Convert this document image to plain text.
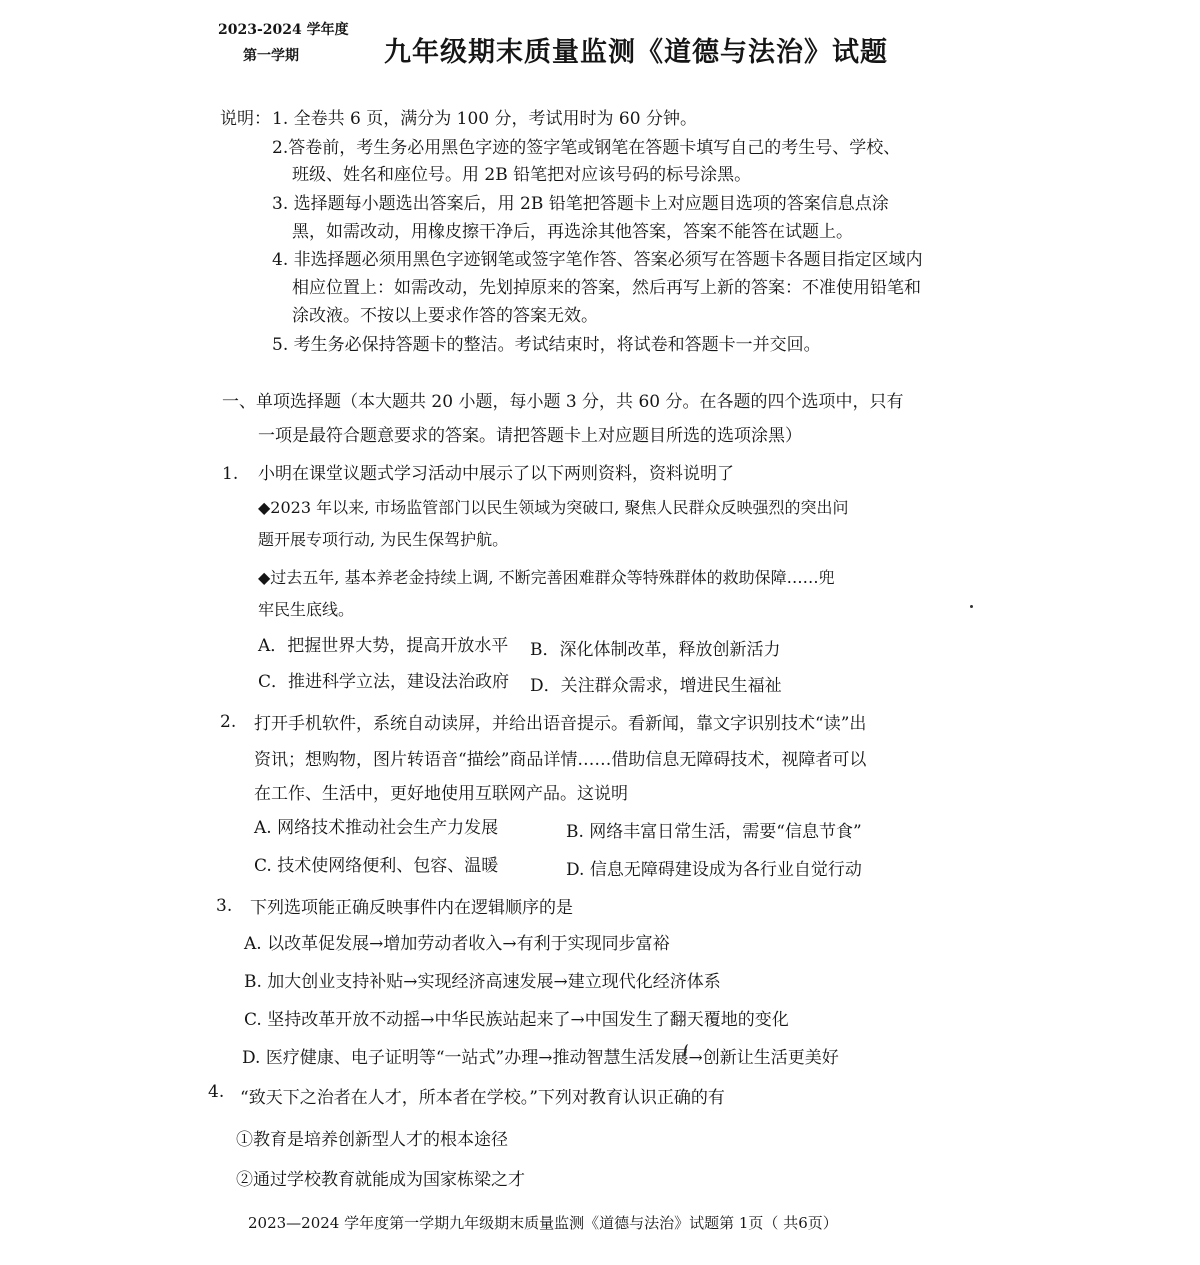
2023-2024 学年度
第一学期	九年级期末质量监测《道德与法治》试题
说明： 1. 全卷共 6 页，满分为 100 分，考试用时为 60 分钟。
2.答卷前，考生务必用黑色字迹的签字笔或钢笔在答题卡填写自己的考生号、学校、
班级、姓名和座位号。用 2B 铅笔把对应该号码的标号涂黑。
3. 选择题每小题选出答案后，用 2B 铅笔把答题卡上对应题目选项的答案信息点涂
黑，如需改动，用橡皮擦干净后，再选涂其他答案，答案不能答在试题上。
4. 非选择题必须用黑色字迹钢笔或签字笔作答、答案必须写在答题卡各题目指定区域内
相应位置上：如需改动，先划掉原来的答案，然后再写上新的答案：不准使用铅笔和
涂改液。不按以上要求作答的答案无效。
5. 考生务必保持答题卡的整洁。考试结束时，将试卷和答题卡一并交回。
一、单项选择题（本大题共 20 小题，每小题 3 分，共 60 分。在各题的四个选项中，只有
一项是最符合题意要求的答案。请把答题卡上对应题目所选的选项涂黑）
1. 小明在课堂议题式学习活动中展示了以下两则资料，资料说明了
◆2023 年以来, 市场监管部门以民生领域为突破口, 聚焦人民群众反映强烈的突出问
题开展专项行动, 为民生保驾护航。
◆过去五年, 基本养老金持续上调, 不断完善困难群众等特殊群体的救助保障……兜
牢民生底线。
A．把握世界大势，提高开放水平 B．深化体制改革，释放创新活力
C．推进科学立法，建设法治政府 D．关注群众需求，增进民生福祉
2. 打开手机软件，系统自动读屏，并给出语音提示。看新闻，靠文字识别技术“读”出
资讯；想购物，图片转语音“描绘”商品详情……借助信息无障碍技术，视障者可以
在工作、生活中，更好地使用互联网产品。这说明
A. 网络技术推动社会生产力发展	B. 网络丰富日常生活，需要“信息节食”
C. 技术使网络便利、包容、温暖	D. 信息无障碍建设成为各行业自觉行动
3. 下列选项能正确反映事件内在逻辑顺序的是
A. 以改革促发展→增加劳动者收入→有利于实现同步富裕
B. 加大创业支持补贴→实现经济高速发展→建立现代化经济体系
C. 坚持改革开放不动摇→中华民族站起来了→中国发生了翻天覆地的变化
D. 医疗健康、电子证明等“一站式”办理→推动智慧生活发展→创新让生活更美好
4. “致天下之治者在人才，所本者在学校。”下列对教育认识正确的有
①教育是培养创新型人才的根本途径
②通过学校教育就能成为国家栋梁之才
2023—2024 学年度第一学期九年级期末质量监测《道德与法治》试题第 1页（ 共6页）
